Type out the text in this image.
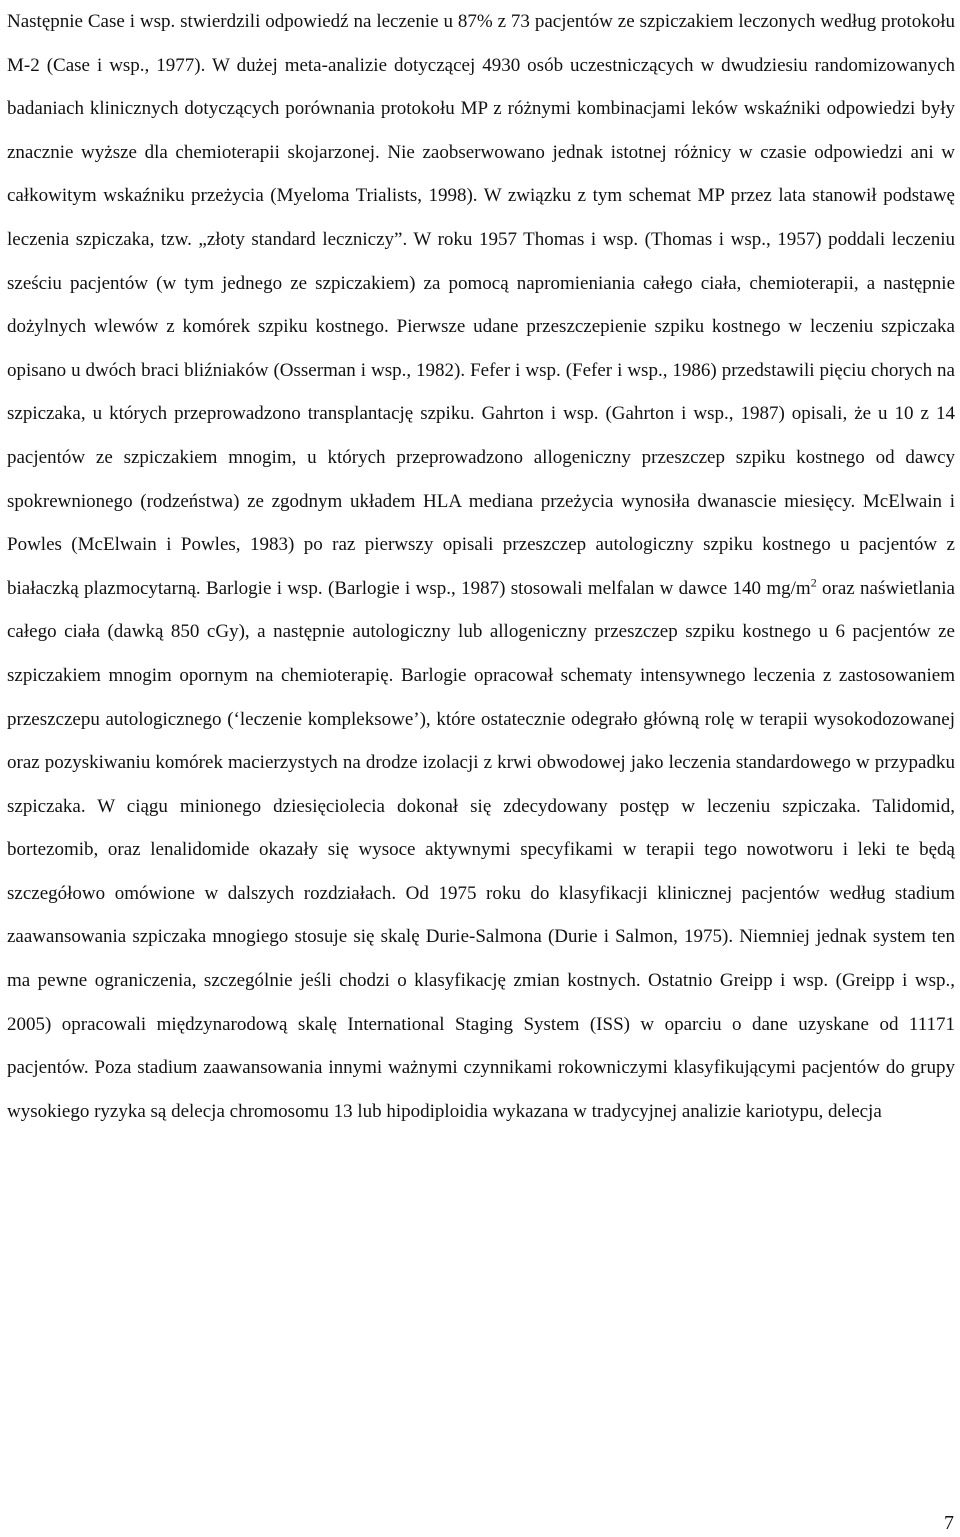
Następnie Case i wsp. stwierdzili odpowiedź na leczenie u 87% z 73 pacjentów ze szpiczakiem leczonych według protokołu M-2 (Case i wsp., 1977). W dużej meta-analizie dotyczącej 4930 osób uczestniczących w dwudziesiu randomizowanych badaniach klinicznych dotyczących porównania protokołu MP z różnymi kombinacjami leków wskaźniki odpowiedzi były znacznie wyższe dla chemioterapii skojarzonej. Nie zaobserwowano jednak istotnej różnicy w czasie odpowiedzi ani w całkowitym wskaźniku przeżycia (Myeloma Trialists, 1998). W związku z tym schemat MP przez lata stanowił podstawę leczenia szpiczaka, tzw. „złoty standard leczniczy”. W roku 1957 Thomas i wsp. (Thomas i wsp., 1957) poddali leczeniu sześciu pacjentów (w tym jednego ze szpiczakiem) za pomocą napromieniania całego ciała, chemioterapii, a następnie dożylnych wlewów z komórek szpiku kostnego. Pierwsze udane przeszczepienie szpiku kostnego w leczeniu szpiczaka opisano u dwóch braci bliźniaków (Osserman i wsp., 1982). Fefer i wsp. (Fefer i wsp., 1986) przedstawili pięciu chorych na szpiczaka, u których przeprowadzono transplantację szpiku. Gahrton i wsp. (Gahrton i wsp., 1987) opisali, że u 10 z 14 pacjentów ze szpiczakiem mnogim, u których przeprowadzono allogeniczny przeszczep szpiku kostnego od dawcy spokrewnionego (rodzeństwa) ze zgodnym układem HLA mediana przeżycia wynosiła dwanascie miesięcy. McElwain i Powles (McElwain i Powles, 1983) po raz pierwszy opisali przeszczep autologiczny szpiku kostnego u pacjentów z białaczką plazmocytarną. Barlogie i wsp. (Barlogie i wsp., 1987) stosowali melfalan w dawce 140 $mg/m^2$ oraz naświetlania całego ciała (dawką 850 cGy), a następnie autologiczny lub allogeniczny przeszczep szpiku kostnego u 6 pacjentów ze szpiczakiem mnogim opornym na chemioterapię. Barlogie opracował schematy intensywnego leczenia z zastosowaniem przeszczepu autologicznego (‘leczenie kompleksowe’), które ostatecznie odegrało główną rolę w terapii wysokodozowanej oraz pozyskiwaniu komórek macierzystych na drodze izolacji z krwi obwodowej jako leczenia standardowego w przypadku szpiczaka. W ciągu minionego dziesięciolecia dokonał się zdecydowany postęp w leczeniu szpiczaka. Talidomid, bortezomib, oraz lenalidomide okazały się wysoce aktywnymi specyfikami w terapii tego nowotworu i leki te będą szczegółowo omówione w dalszych rozdziałach. Od 1975 roku do klasyfikacji klinicznej pacjentów według stadium zaawansowania szpiczaka mnogiego stosuje się skalę Durie-Salmona (Durie i Salmon, 1975). Niemniej jednak system ten ma pewne ograniczenia, szczególnie jeśli chodzi o klasyfikację zmian kostnych. Ostatnio Greipp i wsp. (Greipp i wsp., 2005) opracowali międzynarodową skalę International Staging System (ISS) w oparciu o dane uzyskane od 11171 pacjentów. Poza stadium zaawansowania innymi ważnymi czynnikami rokowniczymi klasyfikującymi pacjentów do grupy wysokiego ryzyka są delecja chromosomu 13 lub hipodiploidia wykazana w tradycyjnej analizie kariotypu, delecja

7
